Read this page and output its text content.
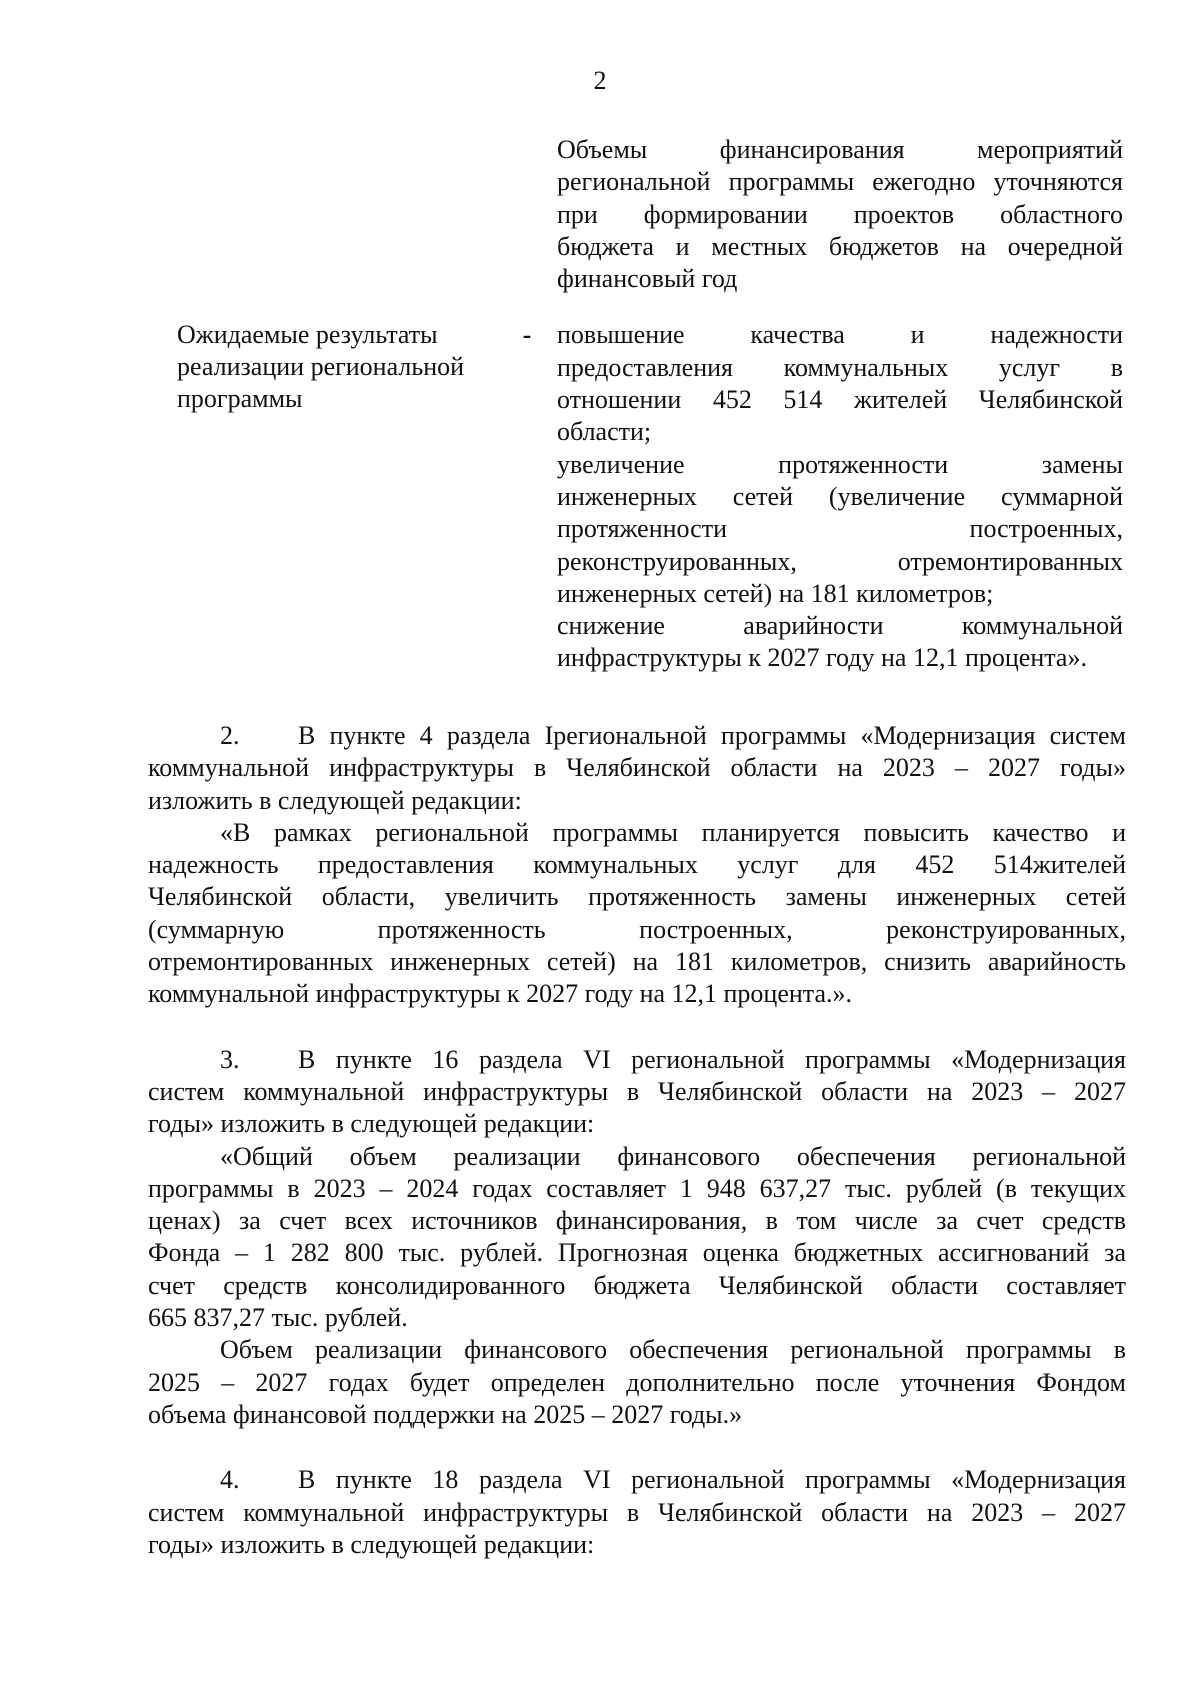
2
Объемы финансирования мероприятий
региональной программы ежегодно уточняются
при формировании проектов областного
бюджета и местных бюджетов на очередной
финансовый год
Ожидаемые результаты реализации региональной программы
- повышение качества и надежности
предоставления коммунальных услуг в
отношении 452 514 жителей Челябинской
области;
увеличение протяженности замены
инженерных сетей (увеличение суммарной
протяженности построенных,
реконструированных, отремонтированных
инженерных сетей) на 181 километров;
снижение аварийности коммунальной
инфраструктуры к 2027 году на 12,1 процента».
2.	В пункте 4 раздела Iрегиональной программы «Модернизация систем
коммунальной инфраструктуры в Челябинской области на 2023 – 2027 годы»
изложить в следующей редакции:
«В рамках региональной программы планируется повысить качество и
надежность предоставления коммунальных услуг для 452 514жителей
Челябинской области, увеличить протяженность замены инженерных сетей
(суммарную протяженность построенных, реконструированных,
отремонтированных инженерных сетей) на 181 километров, снизить аварийность
коммунальной инфраструктуры к 2027 году на 12,1 процента.».
3.	В пункте 16 раздела VI региональной программы «Модернизация
систем коммунальной инфраструктуры в Челябинской области на 2023 – 2027
годы» изложить в следующей редакции:
«Общий объем реализации финансового обеспечения региональной
программы в 2023 – 2024 годах составляет 1 948 637,27 тыс. рублей (в текущих
ценах) за счет всех источников финансирования, в том числе за счет средств
Фонда – 1 282 800 тыс. рублей. Прогнозная оценка бюджетных ассигнований за
счет средств консолидированного бюджета Челябинской области составляет
665 837,27 тыс. рублей.
Объем реализации финансового обеспечения региональной программы в
2025 – 2027 годах будет определен дополнительно после уточнения Фондом
объема финансовой поддержки на 2025 – 2027 годы.»
4.	В пункте 18 раздела VI региональной программы «Модернизация
систем коммунальной инфраструктуры в Челябинской области на 2023 – 2027
годы» изложить в следующей редакции:
